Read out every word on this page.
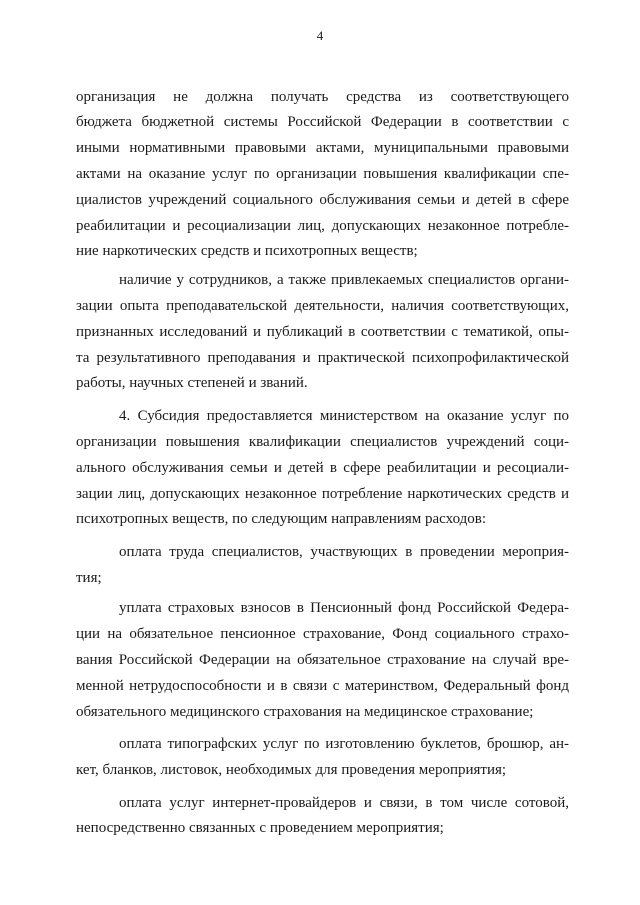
4
организация не должна получать средства из соответствующего
бюджета бюджетной системы Российской Федерации в соответствии с
иными нормативными правовыми актами, муниципальными правовыми
актами на оказание услуг по организации повышения квалификации спе-
циалистов учреждений социального обслуживания семьи и детей в сфере
реабилитации и ресоциализации лиц, допускающих незаконное потребле-
ние наркотических средств и психотропных веществ;
наличие у сотрудников, а также привлекаемых специалистов органи-
зации опыта преподавательской деятельности, наличия соответствующих,
признанных исследований и публикаций в соответствии с тематикой, опы-
та результативного преподавания и практической психопрофилактической
работы, научных степеней и званий.
4. Субсидия предоставляется министерством на оказание услуг по
организации повышения квалификации специалистов учреждений соци-
ального обслуживания семьи и детей в сфере реабилитации и ресоциали-
зации лиц, допускающих незаконное потребление наркотических средств и
психотропных веществ, по следующим направлениям расходов:
оплата труда специалистов, участвующих в проведении мероприя-
тия;
уплата страховых взносов в Пенсионный фонд Российской Федера-
ции на обязательное пенсионное страхование, Фонд социального страхо-
вания Российской Федерации на обязательное страхование на случай вре-
менной нетрудоспособности и в связи с материнством, Федеральный фонд
обязательного медицинского страхования на медицинское страхование;
оплата типографских услуг по изготовлению буклетов, брошюр, ан-
кет, бланков, листовок, необходимых для проведения мероприятия;
оплата услуг интернет-провайдеров и связи, в том числе сотовой,
непосредственно связанных с проведением мероприятия;
